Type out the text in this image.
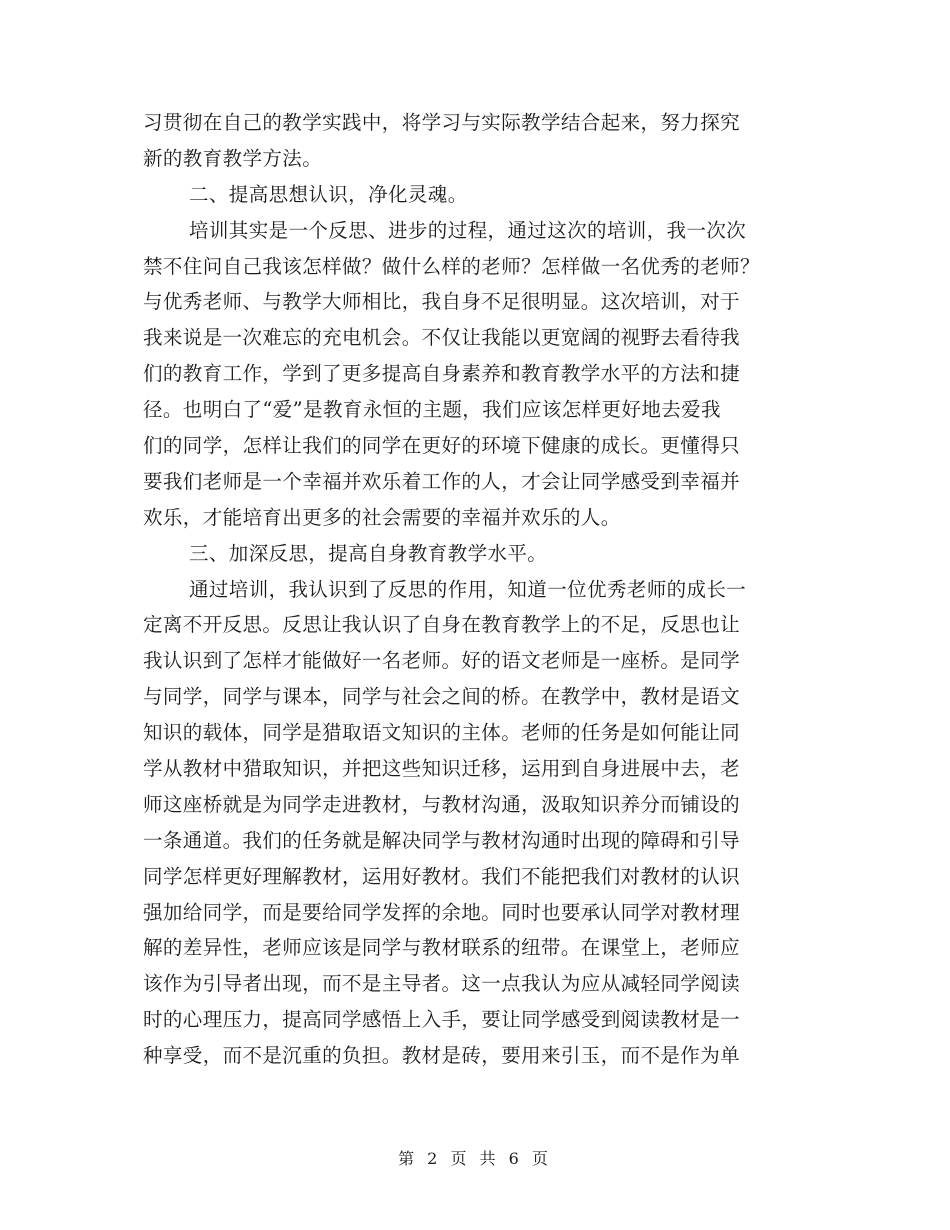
习贯彻在自己的教学实践中，将学习与实际教学结合起来，努力探究
新的教育教学方法。
二、提高思想认识，净化灵魂。
培训其实是一个反思、进步的过程，通过这次的培训，我一次次
禁不住问自己我该怎样做？做什么样的老师？怎样做一名优秀的老师？
与优秀老师、与教学大师相比，我自身不足很明显。这次培训，对于
我来说是一次难忘的充电机会。不仅让我能以更宽阔的视野去看待我
们的教育工作，学到了更多提高自身素养和教育教学水平的方法和捷
径。也明白了“爱”是教育永恒的主题，我们应该怎样更好地去爱我
们的同学，怎样让我们的同学在更好的环境下健康的成长。更懂得只
要我们老师是一个幸福并欢乐着工作的人，才会让同学感受到幸福并
欢乐，才能培育出更多的社会需要的幸福并欢乐的人。
三、加深反思，提高自身教育教学水平。
通过培训，我认识到了反思的作用，知道一位优秀老师的成长一
定离不开反思。反思让我认识了自身在教育教学上的不足，反思也让
我认识到了怎样才能做好一名老师。好的语文老师是一座桥。是同学
与同学，同学与课本，同学与社会之间的桥。在教学中，教材是语文
知识的载体，同学是猎取语文知识的主体。老师的任务是如何能让同
学从教材中猎取知识，并把这些知识迁移，运用到自身进展中去，老
师这座桥就是为同学走进教材，与教材沟通，汲取知识养分而铺设的
一条通道。我们的任务就是解决同学与教材沟通时出现的障碍和引导
同学怎样更好理解教材，运用好教材。我们不能把我们对教材的认识
强加给同学，而是要给同学发挥的余地。同时也要承认同学对教材理
解的差异性，老师应该是同学与教材联系的纽带。在课堂上，老师应
该作为引导者出现，而不是主导者。这一点我认为应从减轻同学阅读
时的心理压力，提高同学感悟上入手，要让同学感受到阅读教材是一
种享受，而不是沉重的负担。教材是砖，要用来引玉，而不是作为单
第 2 页 共 6 页
